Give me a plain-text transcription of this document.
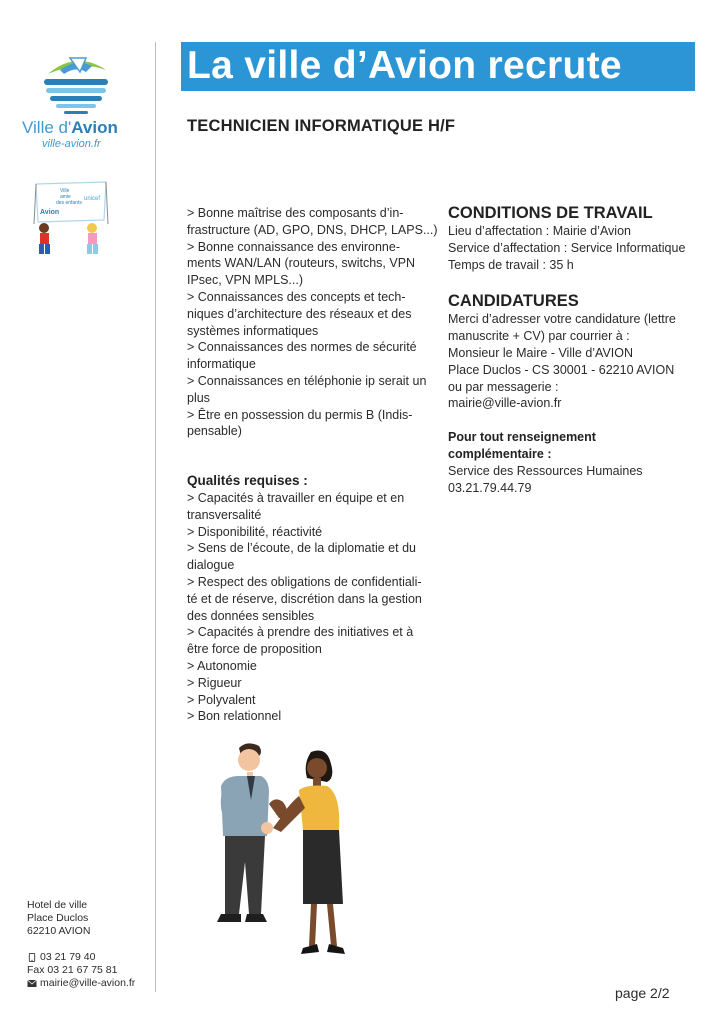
Ville d'Avion
ville-avion.fr
Ville
amie
des enfants
unicef
Avion
Hotel de ville
Place Duclos
62210 AVION
03 21 79 40
Fax 03 21 67 75 81
mairie@ville-avion.fr
La ville d’Avion recrute
TECHNICIEN INFORMATIQUE H/F
> Bonne maîtrise des composants d’in-
frastructure (AD, GPO, DNS, DHCP, LAPS...)
> Bonne connaissance des environne-
ments WAN/LAN (routeurs, switchs, VPN
IPsec, VPN MPLS...)
> Connaissances des concepts et tech-
niques d’architecture des réseaux et des
systèmes informatiques
> Connaissances des normes de sécurité
informatique
> Connaissances en téléphonie ip serait un
plus
> Être en possession du permis B (Indis-
pensable)
Qualités requises :
> Capacités à travailler en équipe et en
transversalité
> Disponibilité, réactivité
> Sens de l’écoute, de la diplomatie et du
dialogue
> Respect des obligations de confidentiali-
té et de réserve, discrétion dans la gestion
des données sensibles
> Capacités à prendre des initiatives et à
être force de proposition
> Autonomie
> Rigueur
> Polyvalent
> Bon relationnel
CONDITIONS DE TRAVAIL
Lieu d’affectation : Mairie d’Avion
Service d’affectation : Service Informatique
Temps de travail : 35 h
CANDIDATURES
Merci d’adresser votre candidature (lettre
manuscrite + CV) par courrier à :
Monsieur le Maire - Ville d’AVION
Place Duclos - CS 30001 - 62210 AVION
ou par messagerie :
mairie@ville-avion.fr
Pour tout renseignement
complémentaire :
Service des Ressources Humaines
03.21.79.44.79
page 2/2
